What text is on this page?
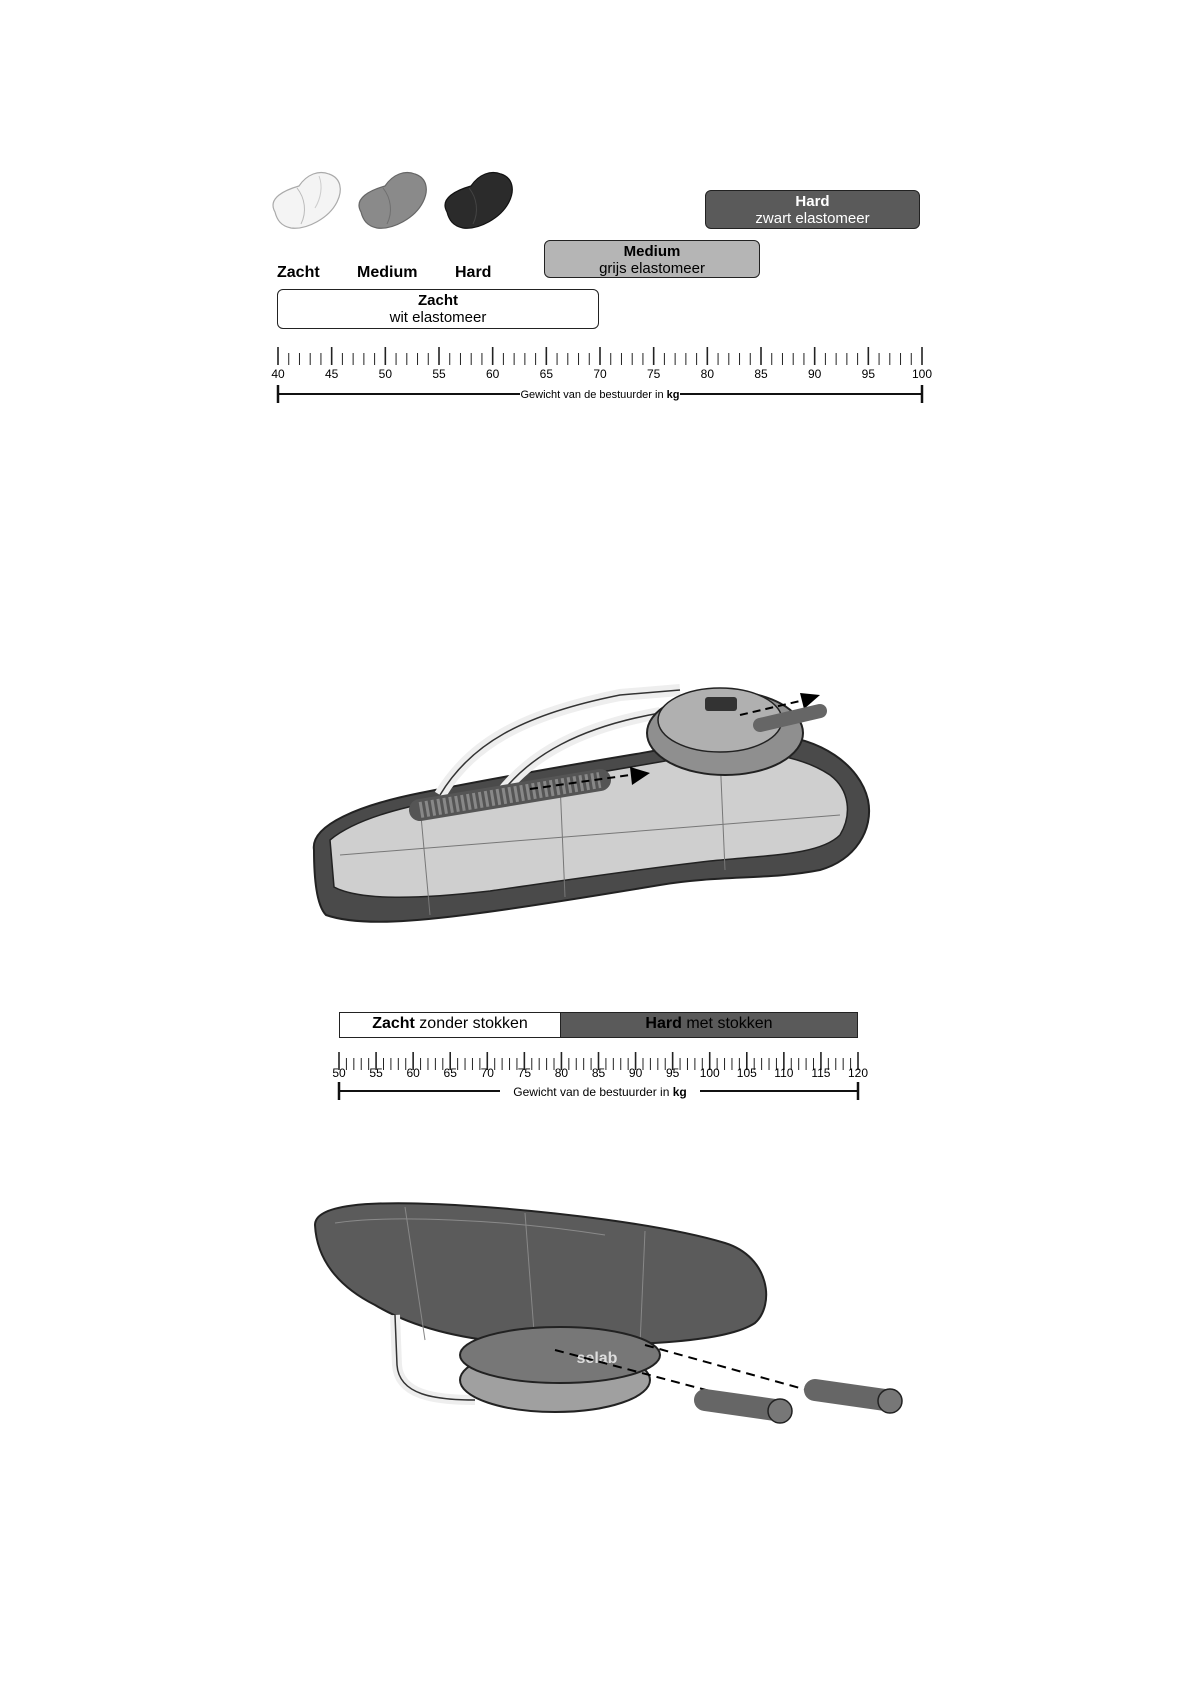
Zacht Medium Hard
Zacht
wit elastomeer
Medium
grijs elastomeer
Hard
zwart elastomeer
40	45	50	55	60	65	70	75	80	85	90	95	100
Gewicht van de bestuurder in kg
Zacht zonder stokken	Hard met stokken
50 55 60 65 70 75 80 85 90 95 100 105 110 115 120
Gewicht van de bestuurder in kg
selab
